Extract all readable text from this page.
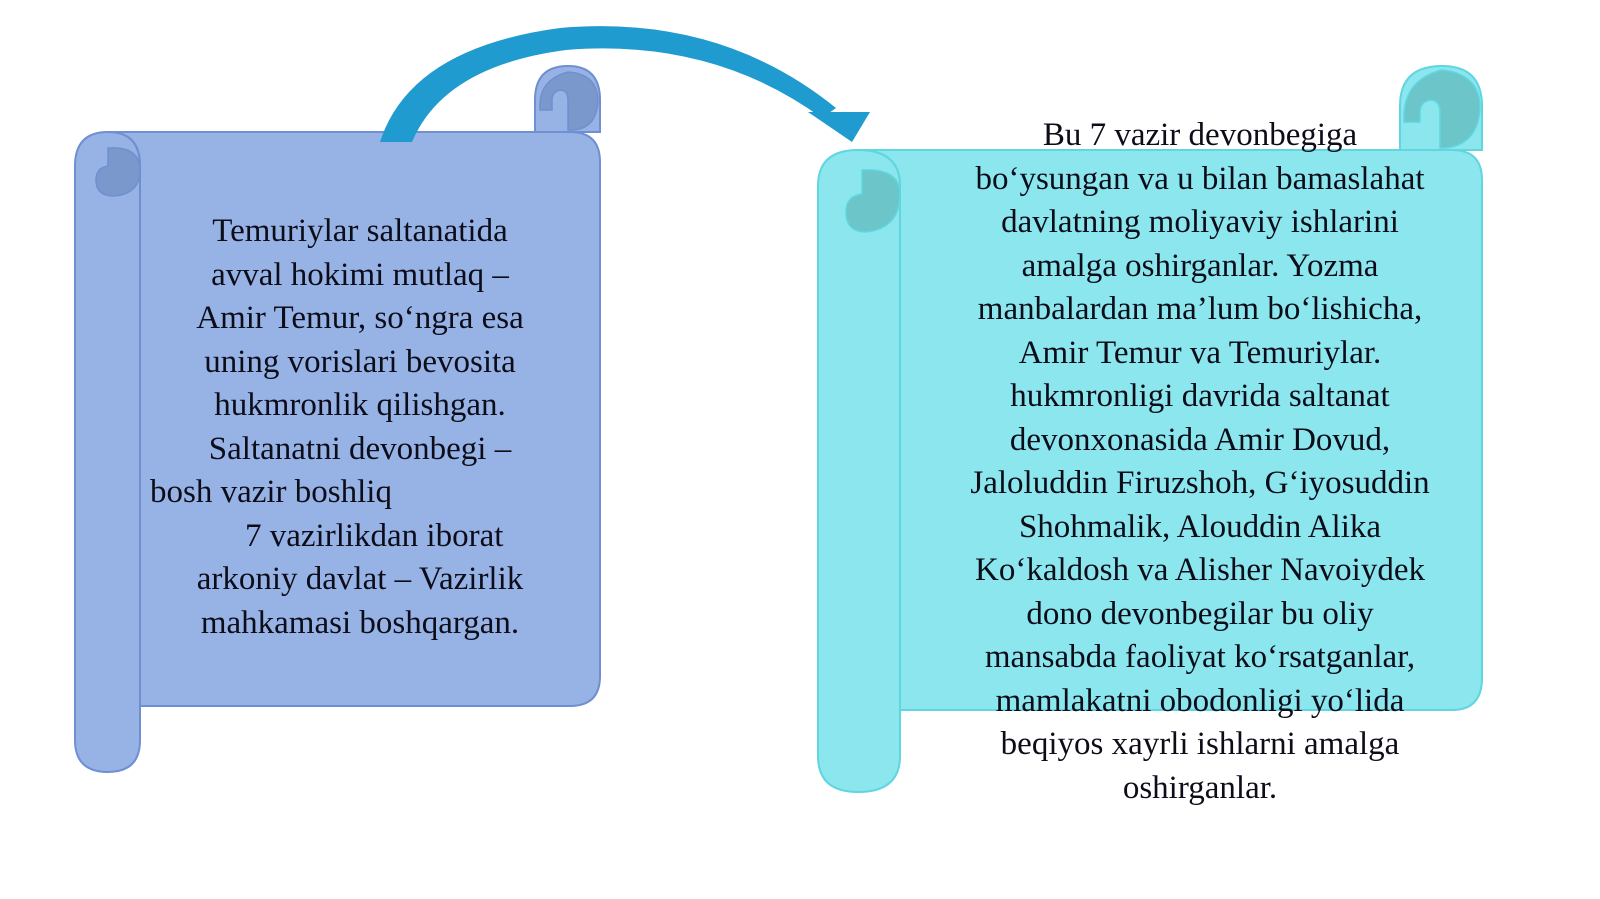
Temuriylar saltanatida
avval hokimi mutlaq –
Amir Temur, so‘ngra esa
uning vorislari bevosita
hukmronlik qilishgan.
Saltanatni devonbegi –
bosh vazir boshliq
7 vazirlikdan iborat
arkoniy davlat – Vazirlik
mahkamasi boshqargan.
Bu 7 vazir devonbegiga
bo‘ysungan va u bilan bamaslahat
davlatning moliyaviy ishlarini
amalga oshirganlar. Yozma
manbalardan ma’lum bo‘lishicha,
Amir Temur va Temuriylar.
hukmronligi davrida saltanat
devonxonasida Amir Dovud,
Jaloluddin Firuzshoh, G‘iyosuddin
Shohmalik, Alouddin Alika
Ko‘kaldosh va Alisher Navoiydek
dono devonbegilar bu oliy
mansabda faoliyat ko‘rsatganlar,
mamlakatni obodonligi yo‘lida
beqiyos xayrli ishlarni amalga
oshirganlar.
